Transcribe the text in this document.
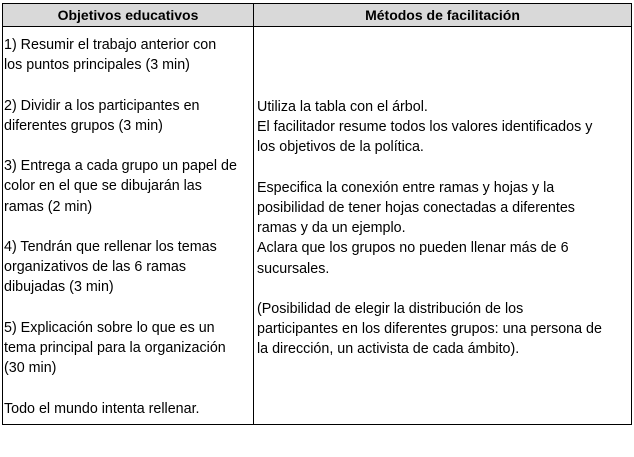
Objetivos educativos	Métodos de facilitación

1) Resumir el trabajo anterior con
los puntos principales (3 min)

2) Dividir a los participantes en
diferentes grupos (3 min)

3) Entrega a cada grupo un papel de
color en el que se dibujarán las
ramas (2 min)

4) Tendrán que rellenar los temas
organizativos de las 6 ramas
dibujadas (3 min)

5) Explicación sobre lo que es un
tema principal para la organización
(30 min)

Todo el mundo intenta rellenar.

Utiliza la tabla con el árbol.
El facilitador resume todos los valores identificados y
los objetivos de la política.

Especifica la conexión entre ramas y hojas y la
posibilidad de tener hojas conectadas a diferentes
ramas y da un ejemplo.
Aclara que los grupos no pueden llenar más de 6
sucursales.

(Posibilidad de elegir la distribución de los
participantes en los diferentes grupos: una persona de
la dirección, un activista de cada ámbito).
